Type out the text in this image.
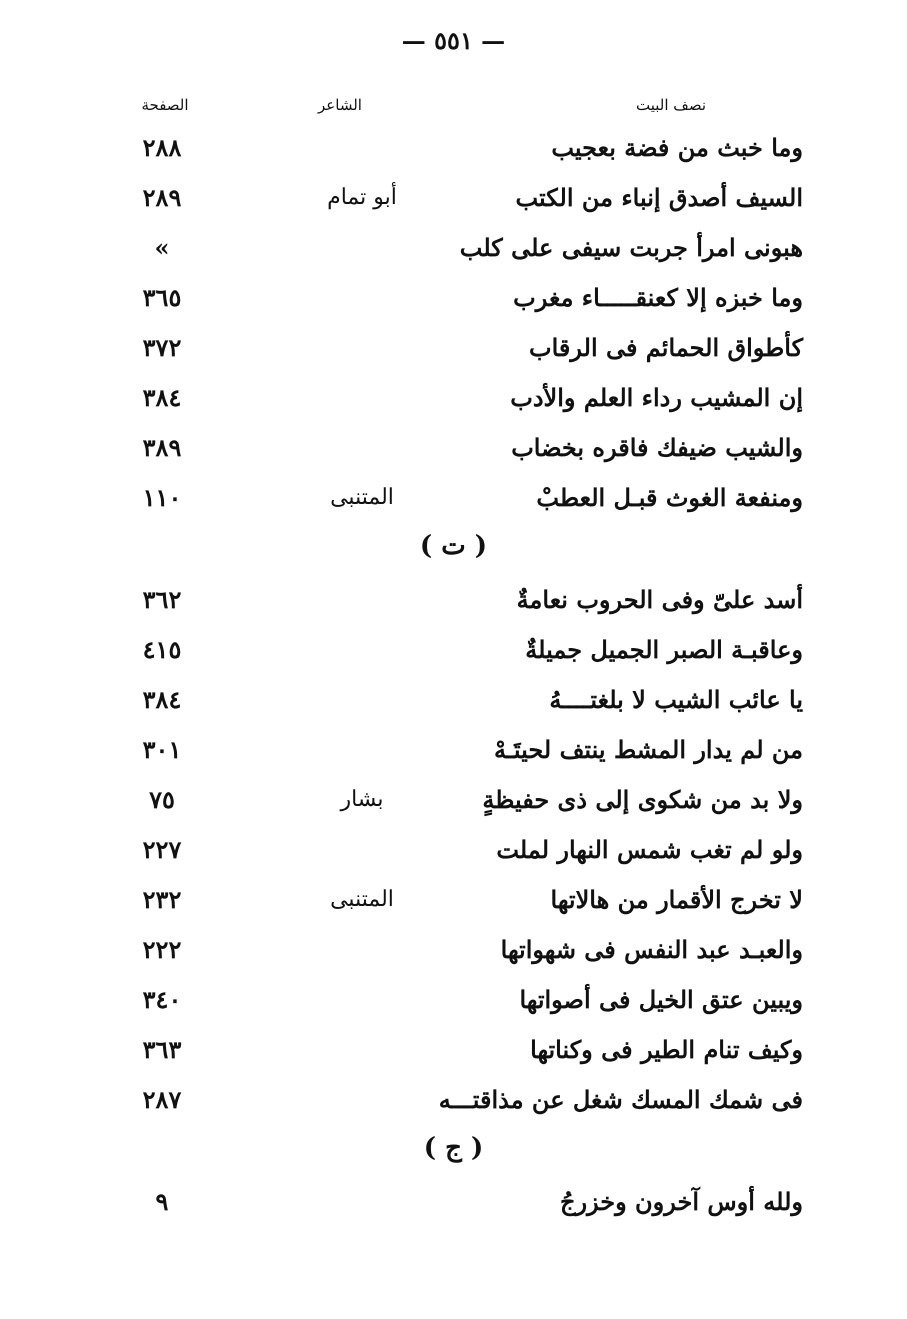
— ٥٥١ —
نصف البيت
الشاعر
الصفحة
وما خبث من فضة بعجيب
٢٨٨
السيف أصدق إنباء من الكتب
أبو تمام
٢٨٩
هبونى امرأ جربت سيفى على كلب
»
وما خبزه إلا كعنقـــــاء مغرب
٣٦٥
كأطواق الحمائم فى الرقاب
٣٧٢
إن المشيب رداء العلم والأدب
٣٨٤
والشيب ضيفك فاقره بخضاب
٣٨٩
ومنفعة الغوث قبـل العطبْ
المتنبى
١١٠
( ت )
أسد علىّ وفى الحروب نعامةٌ
٣٦٢
وعاقبـة الصبر الجميل جميلةٌ
٤١٥
يا عائب الشيب لا بلغتــــهُ
٣٨٤
من لم يدار المشط ينتف لحيتَـهْ
٣٠١
ولا بد من شكوى إلى ذى حفيظةٍ
بشار
٧٥
ولو لم تغب شمس النهار لملت
٢٢٧
لا تخرج الأقمار من هالاتها
المتنبى
٢٣٢
والعبـد عبد النفس فى شهواتها
٢٢٢
ويبين عتق الخيل فى أصواتها
٣٤٠
وكيف تنام الطير فى وكناتها
٣٦٣
فى شمك المسك شغل عن مذاقتـــه
٢٨٧
( ج )
ولله أوس آخرون وخزرجُ
٩
